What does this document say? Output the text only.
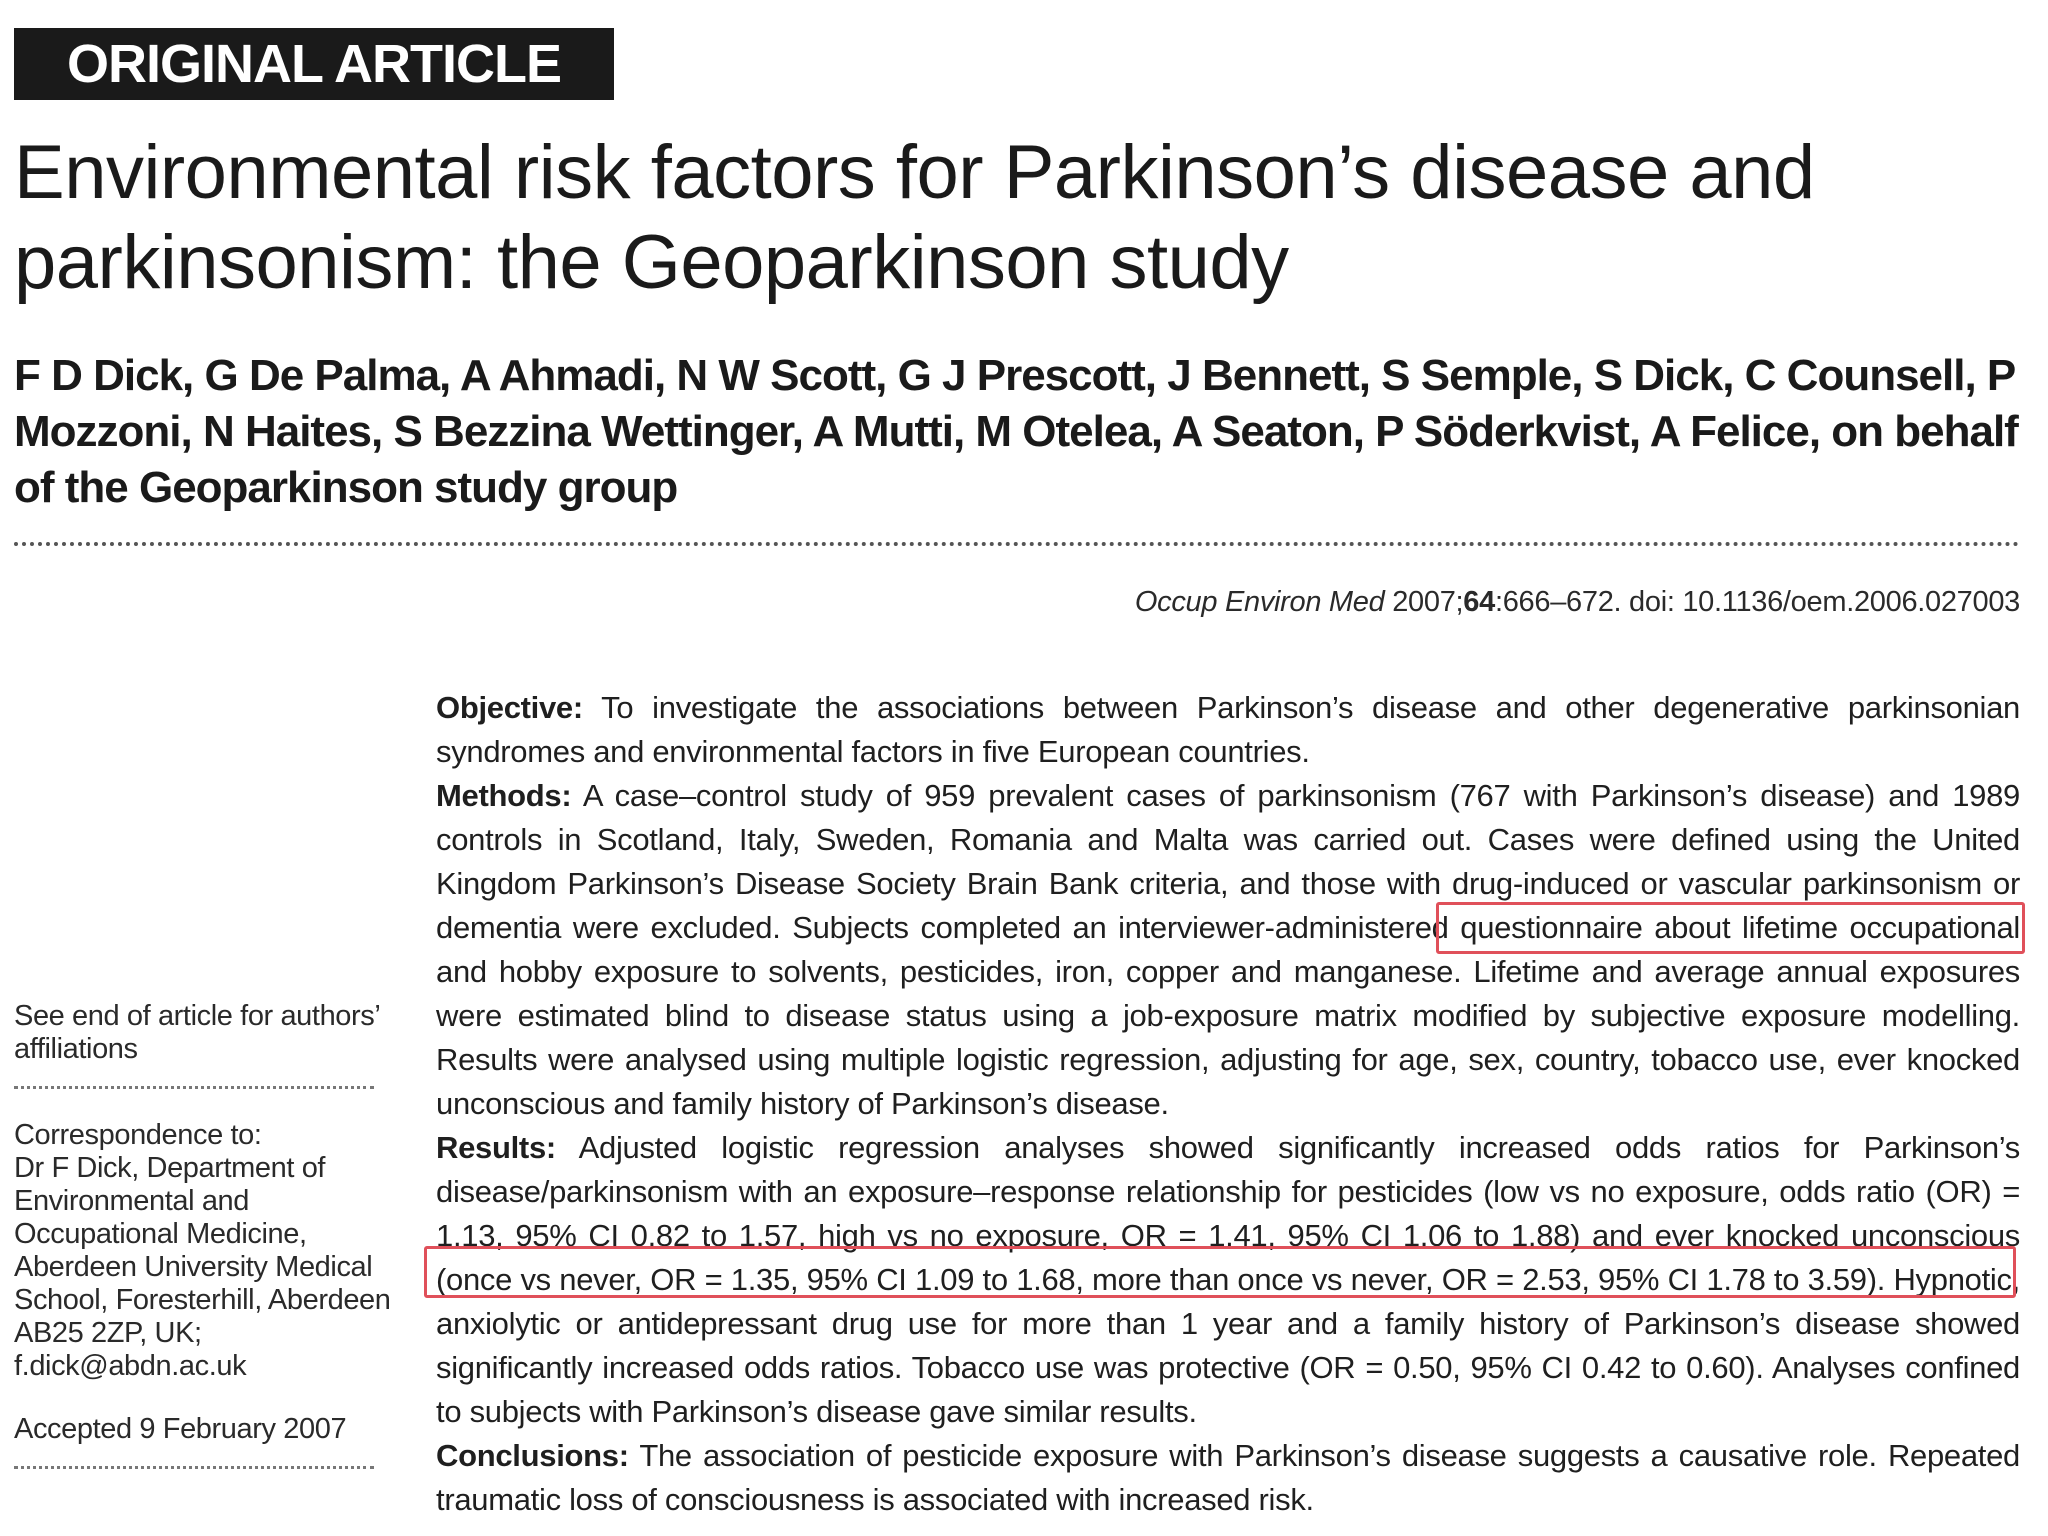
ORIGINAL ARTICLE
Environmental risk factors for Parkinson’s disease and parkinsonism: the Geoparkinson study
F D Dick, G De Palma, A Ahmadi, N W Scott, G J Prescott, J Bennett, S Semple, S Dick, C Counsell, P Mozzoni, N Haites, S Bezzina Wettinger, A Mutti, M Otelea, A Seaton, P Söderkvist, A Felice, on behalf of the Geoparkinson study group
Occup Environ Med 2007;64:666–672. doi: 10.1136/oem.2006.027003
See end of article for authors’ affiliations
Correspondence to:
Dr F Dick, Department of Environmental and Occupational Medicine, Aberdeen University Medical School, Foresterhill, Aberdeen AB25 2ZP, UK; f.dick@abdn.ac.uk
Accepted 9 February 2007

Objective: To investigate the associations between Parkinson’s disease and other degenerative parkinsonian syndromes and environmental factors in five European countries.

Methods: A case–control study of 959 prevalent cases of parkinsonism (767 with Parkinson’s disease) and 1989 controls in Scotland, Italy, Sweden, Romania and Malta was carried out. Cases were defined using the United Kingdom Parkinson’s Disease Society Brain Bank criteria, and those with drug-induced or vascular parkinsonism or dementia were excluded. Subjects completed an interviewer-administered questionnaire about lifetime occupational and hobby exposure to solvents, pesticides, iron, copper and manganese. Lifetime and average annual exposures were estimated blind to disease status using a job-exposure matrix modified by subjective exposure modelling. Results were analysed using multiple logistic regression, adjusting for age, sex, country, tobacco use, ever knocked unconscious and family history of Parkinson’s disease.

Results: Adjusted logistic regression analyses showed significantly increased odds ratios for Parkinson’s disease/parkinsonism with an exposure–response relationship for pesticides (low vs no exposure, odds ratio (OR) = 1.13, 95% CI 0.82 to 1.57, high vs no exposure, OR = 1.41, 95% CI 1.06 to 1.88) and ever knocked unconscious (once vs never, OR = 1.35, 95% CI 1.09 to 1.68, more than once vs never, OR = 2.53, 95% CI 1.78 to 3.59). Hypnotic, anxiolytic or antidepressant drug use for more than 1 year and a family history of Parkinson’s disease showed significantly increased odds ratios. Tobacco use was protective (OR = 0.50, 95% CI 0.42 to 0.60). Analyses confined to subjects with Parkinson’s disease gave similar results.

Conclusions: The association of pesticide exposure with Parkinson’s disease suggests a causative role. Repeated traumatic loss of consciousness is associated with increased risk.
